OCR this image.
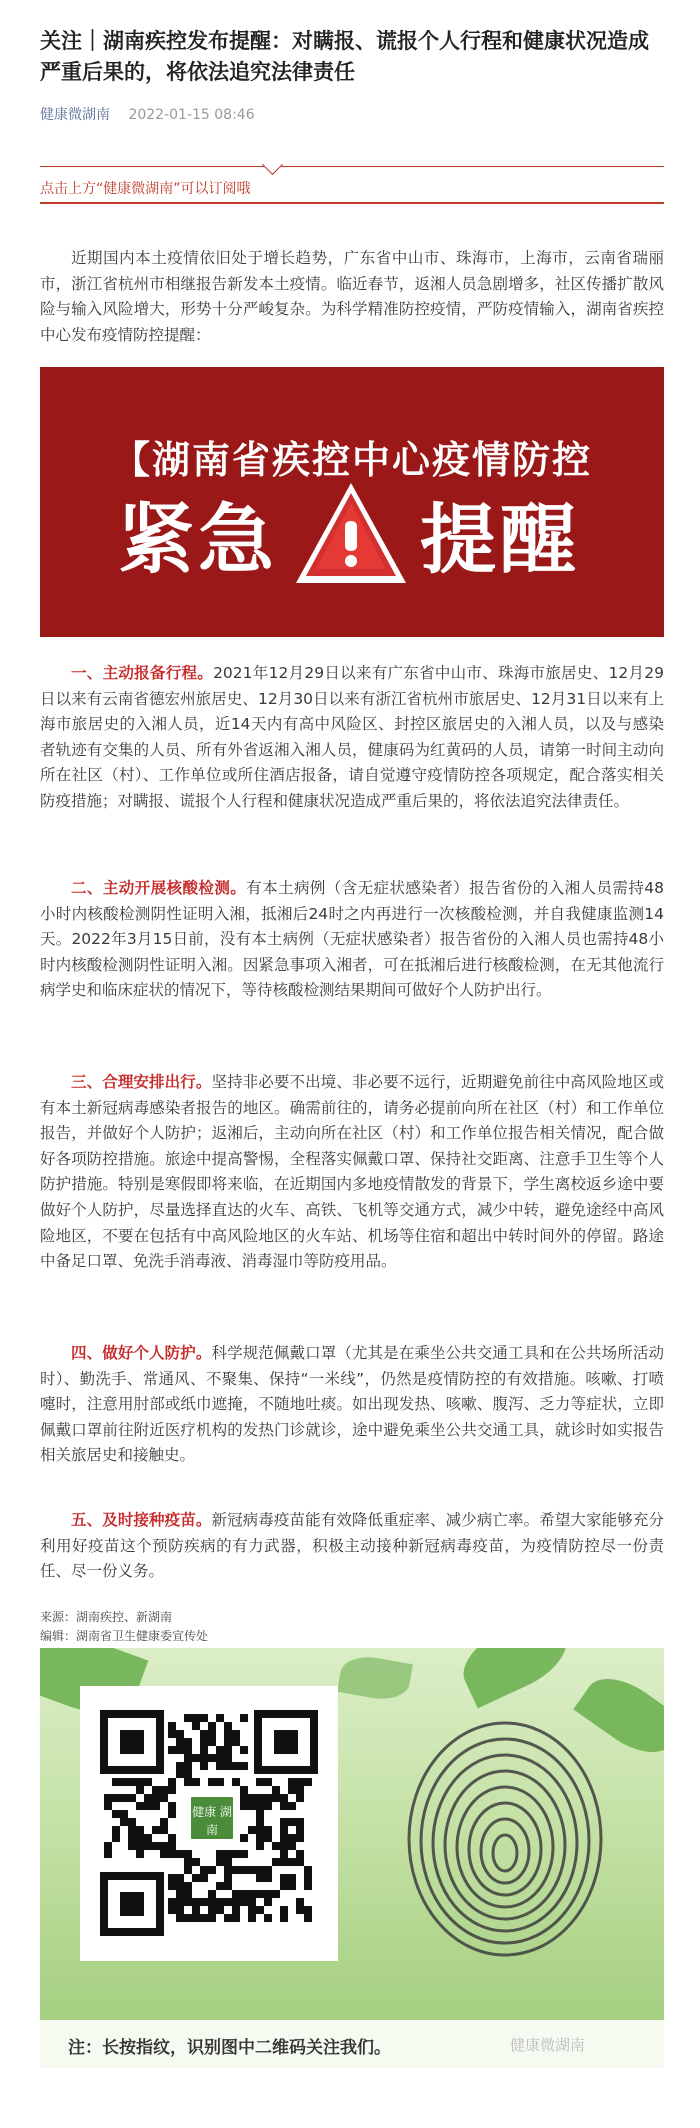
关注｜湖南疾控发布提醒：对瞒报、谎报个人行程和健康状况造成严重后果的，将依法追究法律责任
健康微湖南 2022-01-15 08:46
点击上方“健康微湖南”可以订阅哦

近期国内本土疫情依旧处于增长趋势，广东省中山市、珠海市，上海市，云南省瑞丽市，浙江省杭州市相继报告新发本土疫情。临近春节，返湘人员急剧增多，社区传播扩散风险与输入风险增大，形势十分严峻复杂。为科学精准防控疫情，严防疫情输入，湖南省疾控中心发布疫情防控提醒：

【湖南省疾控中心疫情防控
紧急 提醒

一、主动报备行程。2021年12月29日以来有广东省中山市、珠海市旅居史、12月29日以来有云南省德宏州旅居史、12月30日以来有浙江省杭州市旅居史、12月31日以来有上海市旅居史的入湘人员，近14天内有高中风险区、封控区旅居史的入湘人员，以及与感染者轨迹有交集的人员、所有外省返湘入湘人员，健康码为红黄码的人员，请第一时间主动向所在社区（村）、工作单位或所住酒店报备，请自觉遵守疫情防控各项规定，配合落实相关防疫措施；对瞒报、谎报个人行程和健康状况造成严重后果的，将依法追究法律责任。

二、主动开展核酸检测。有本土病例（含无症状感染者）报告省份的入湘人员需持48小时内核酸检测阴性证明入湘，抵湘后24时之内再进行一次核酸检测，并自我健康监测14天。2022年3月15日前，没有本土病例（无症状感染者）报告省份的入湘人员也需持48小时内核酸检测阴性证明入湘。因紧急事项入湘者，可在抵湘后进行核酸检测，在无其他流行病学史和临床症状的情况下，等待核酸检测结果期间可做好个人防护出行。

三、合理安排出行。坚持非必要不出境、非必要不远行，近期避免前往中高风险地区或有本土新冠病毒感染者报告的地区。确需前往的，请务必提前向所在社区（村）和工作单位报告，并做好个人防护；返湘后，主动向所在社区（村）和工作单位报告相关情况，配合做好各项防控措施。旅途中提高警惕，全程落实佩戴口罩、保持社交距离、注意手卫生等个人防护措施。特别是寒假即将来临，在近期国内多地疫情散发的背景下，学生离校返乡途中要做好个人防护，尽量选择直达的火车、高铁、飞机等交通方式，减少中转，避免途经中高风险地区，不要在包括有中高风险地区的火车站、机场等住宿和超出中转时间外的停留。路途中备足口罩、免洗手消毒液、消毒湿巾等防疫用品。

四、做好个人防护。科学规范佩戴口罩（尤其是在乘坐公共交通工具和在公共场所活动时）、勤洗手、常通风、不聚集、保持“一米线”，仍然是疫情防控的有效措施。咳嗽、打喷嚏时，注意用肘部或纸巾遮掩，不随地吐痰。如出现发热、咳嗽、腹泻、乏力等症状，立即佩戴口罩前往附近医疗机构的发热门诊就诊，途中避免乘坐公共交通工具，就诊时如实报告相关旅居史和接触史。

五、及时接种疫苗。新冠病毒疫苗能有效降低重症率、减少病亡率。希望大家能够充分利用好疫苗这个预防疾病的有力武器，积极主动接种新冠病毒疫苗，为疫情防控尽一份责任、尽一份义务。

来源：湖南疾控、新湖南
编辑：湖南省卫生健康委宣传处
健康 湖南
注：长按指纹，识别图中二维码关注我们。	健康微湖南
